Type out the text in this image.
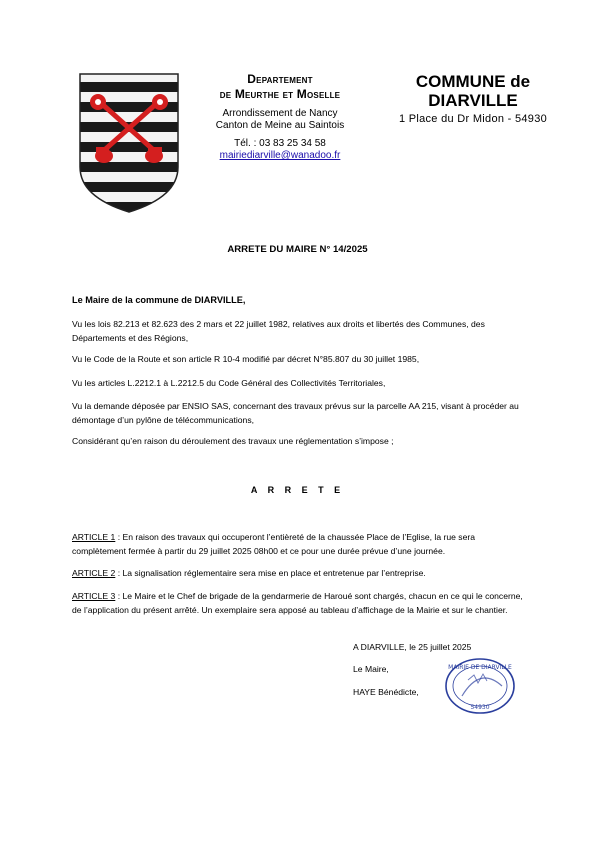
Departement
de Meurthe et Moselle
Arrondissement de Nancy
Canton de Meine au Saintois
Tél. : 03 83 25 34 58
mairiediarville@wanadoo.fr
COMMUNE de
DIARVILLE
1 Place du Dr Midon - 54930
ARRETE DU MAIRE N° 14/2025
Le Maire de la commune de DIARVILLE,
Vu les lois 82.213 et 82.623 des 2 mars et 22 juillet 1982, relatives aux droits et libertés des Communes, des Départements et des Régions,
Vu le Code de la Route et son article R 10-4 modifié par décret N°85.807 du 30 juillet 1985,
Vu les articles L.2212.1 à L.2212.5 du Code Général des Collectivités Territoriales,
Vu la demande déposée par ENSIO SAS, concernant des travaux prévus sur la parcelle AA 215, visant à procéder au démontage d’un pylône de télécommunications,
Considérant qu’en raison du déroulement des travaux une réglementation s’impose ;
A R R E T E
ARTICLE 1 : En raison des travaux qui occuperont l’entièreté de la chaussée Place de l’Eglise, la rue sera complètement fermée à partir du 29 juillet 2025 08h00 et ce pour une durée prévue d’une journée.
ARTICLE 2 : La signalisation réglementaire sera mise en place et entretenue par l’entreprise.
ARTICLE 3 : Le Maire et le Chef de brigade de la gendarmerie de Haroué sont chargés, chacun en ce qui le concerne, de l’application du présent arrêté. Un exemplaire sera apposé au tableau d’affichage de la Mairie et sur le chantier.
A DIARVILLE, le 25 juillet 2025
Le Maire,
HAYE Bénédicte,
MAIRIE DE DIARVILLE
54930
